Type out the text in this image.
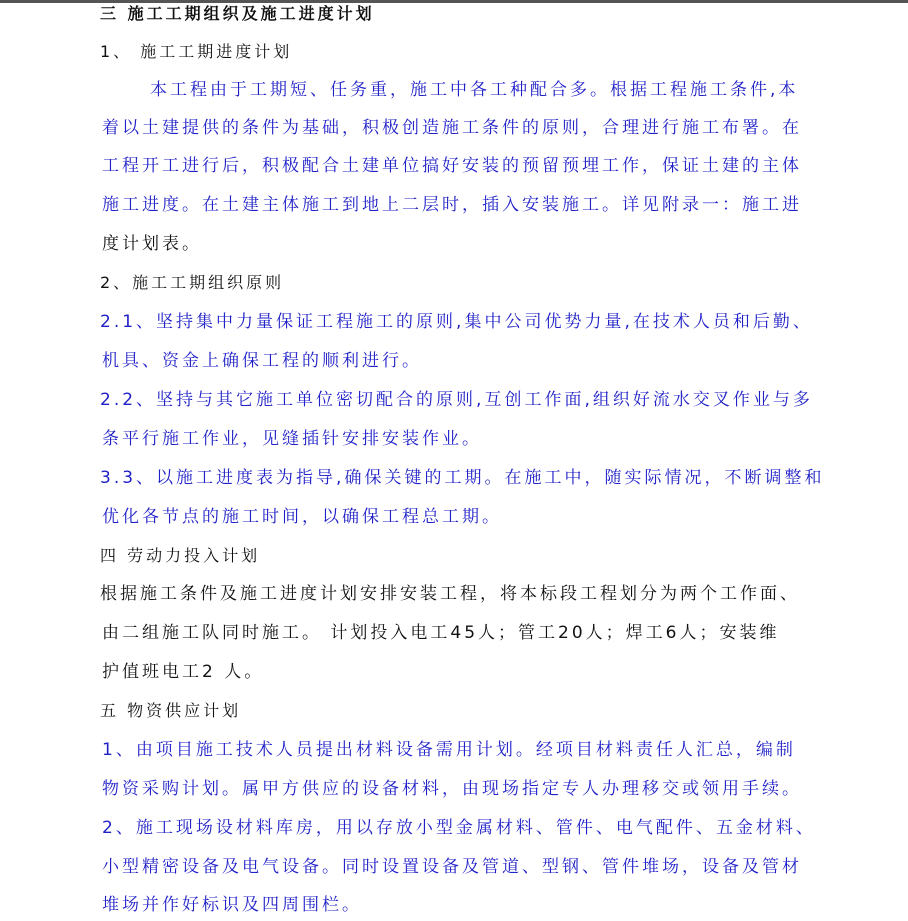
三 施工工期组织及施工进度计划
1、 施工工期进度计划
本工程由于工期短、任务重，施工中各工种配合多。根据工程施工条件,本
着以土建提供的条件为基础，积极创造施工条件的原则，合理进行施工布署。在
工程开工进行后，积极配合土建单位搞好安装的预留预埋工作，保证土建的主体
施工进度。在土建主体施工到地上二层时，插入安装施工。详见附录一：施工进
度计划表。
2、施工工期组织原则
2.1、坚持集中力量保证工程施工的原则,集中公司优势力量,在技术人员和后勤、
机具、资金上确保工程的顺利进行。
2.2、坚持与其它施工单位密切配合的原则,互创工作面,组织好流水交叉作业与多
条平行施工作业，见缝插针安排安装作业。
3.3、以施工进度表为指导,确保关键的工期。在施工中，随实际情况，不断调整和
优化各节点的施工时间，以确保工程总工期。
四 劳动力投入计划
根据施工条件及施工进度计划安排安装工程，将本标段工程划分为两个工作面、
由二组施工队同时施工。 计划投入电工45人；管工20人；焊工6人；安装维
护值班电工2 人。
五 物资供应计划
1、由项目施工技术人员提出材料设备需用计划。经项目材料责任人汇总，编制
物资采购计划。属甲方供应的设备材料，由现场指定专人办理移交或领用手续。
2、施工现场设材料库房，用以存放小型金属材料、管件、电气配件、五金材料、
小型精密设备及电气设备。同时设置设备及管道、型钢、管件堆场，设备及管材
堆场并作好标识及四周围栏。
